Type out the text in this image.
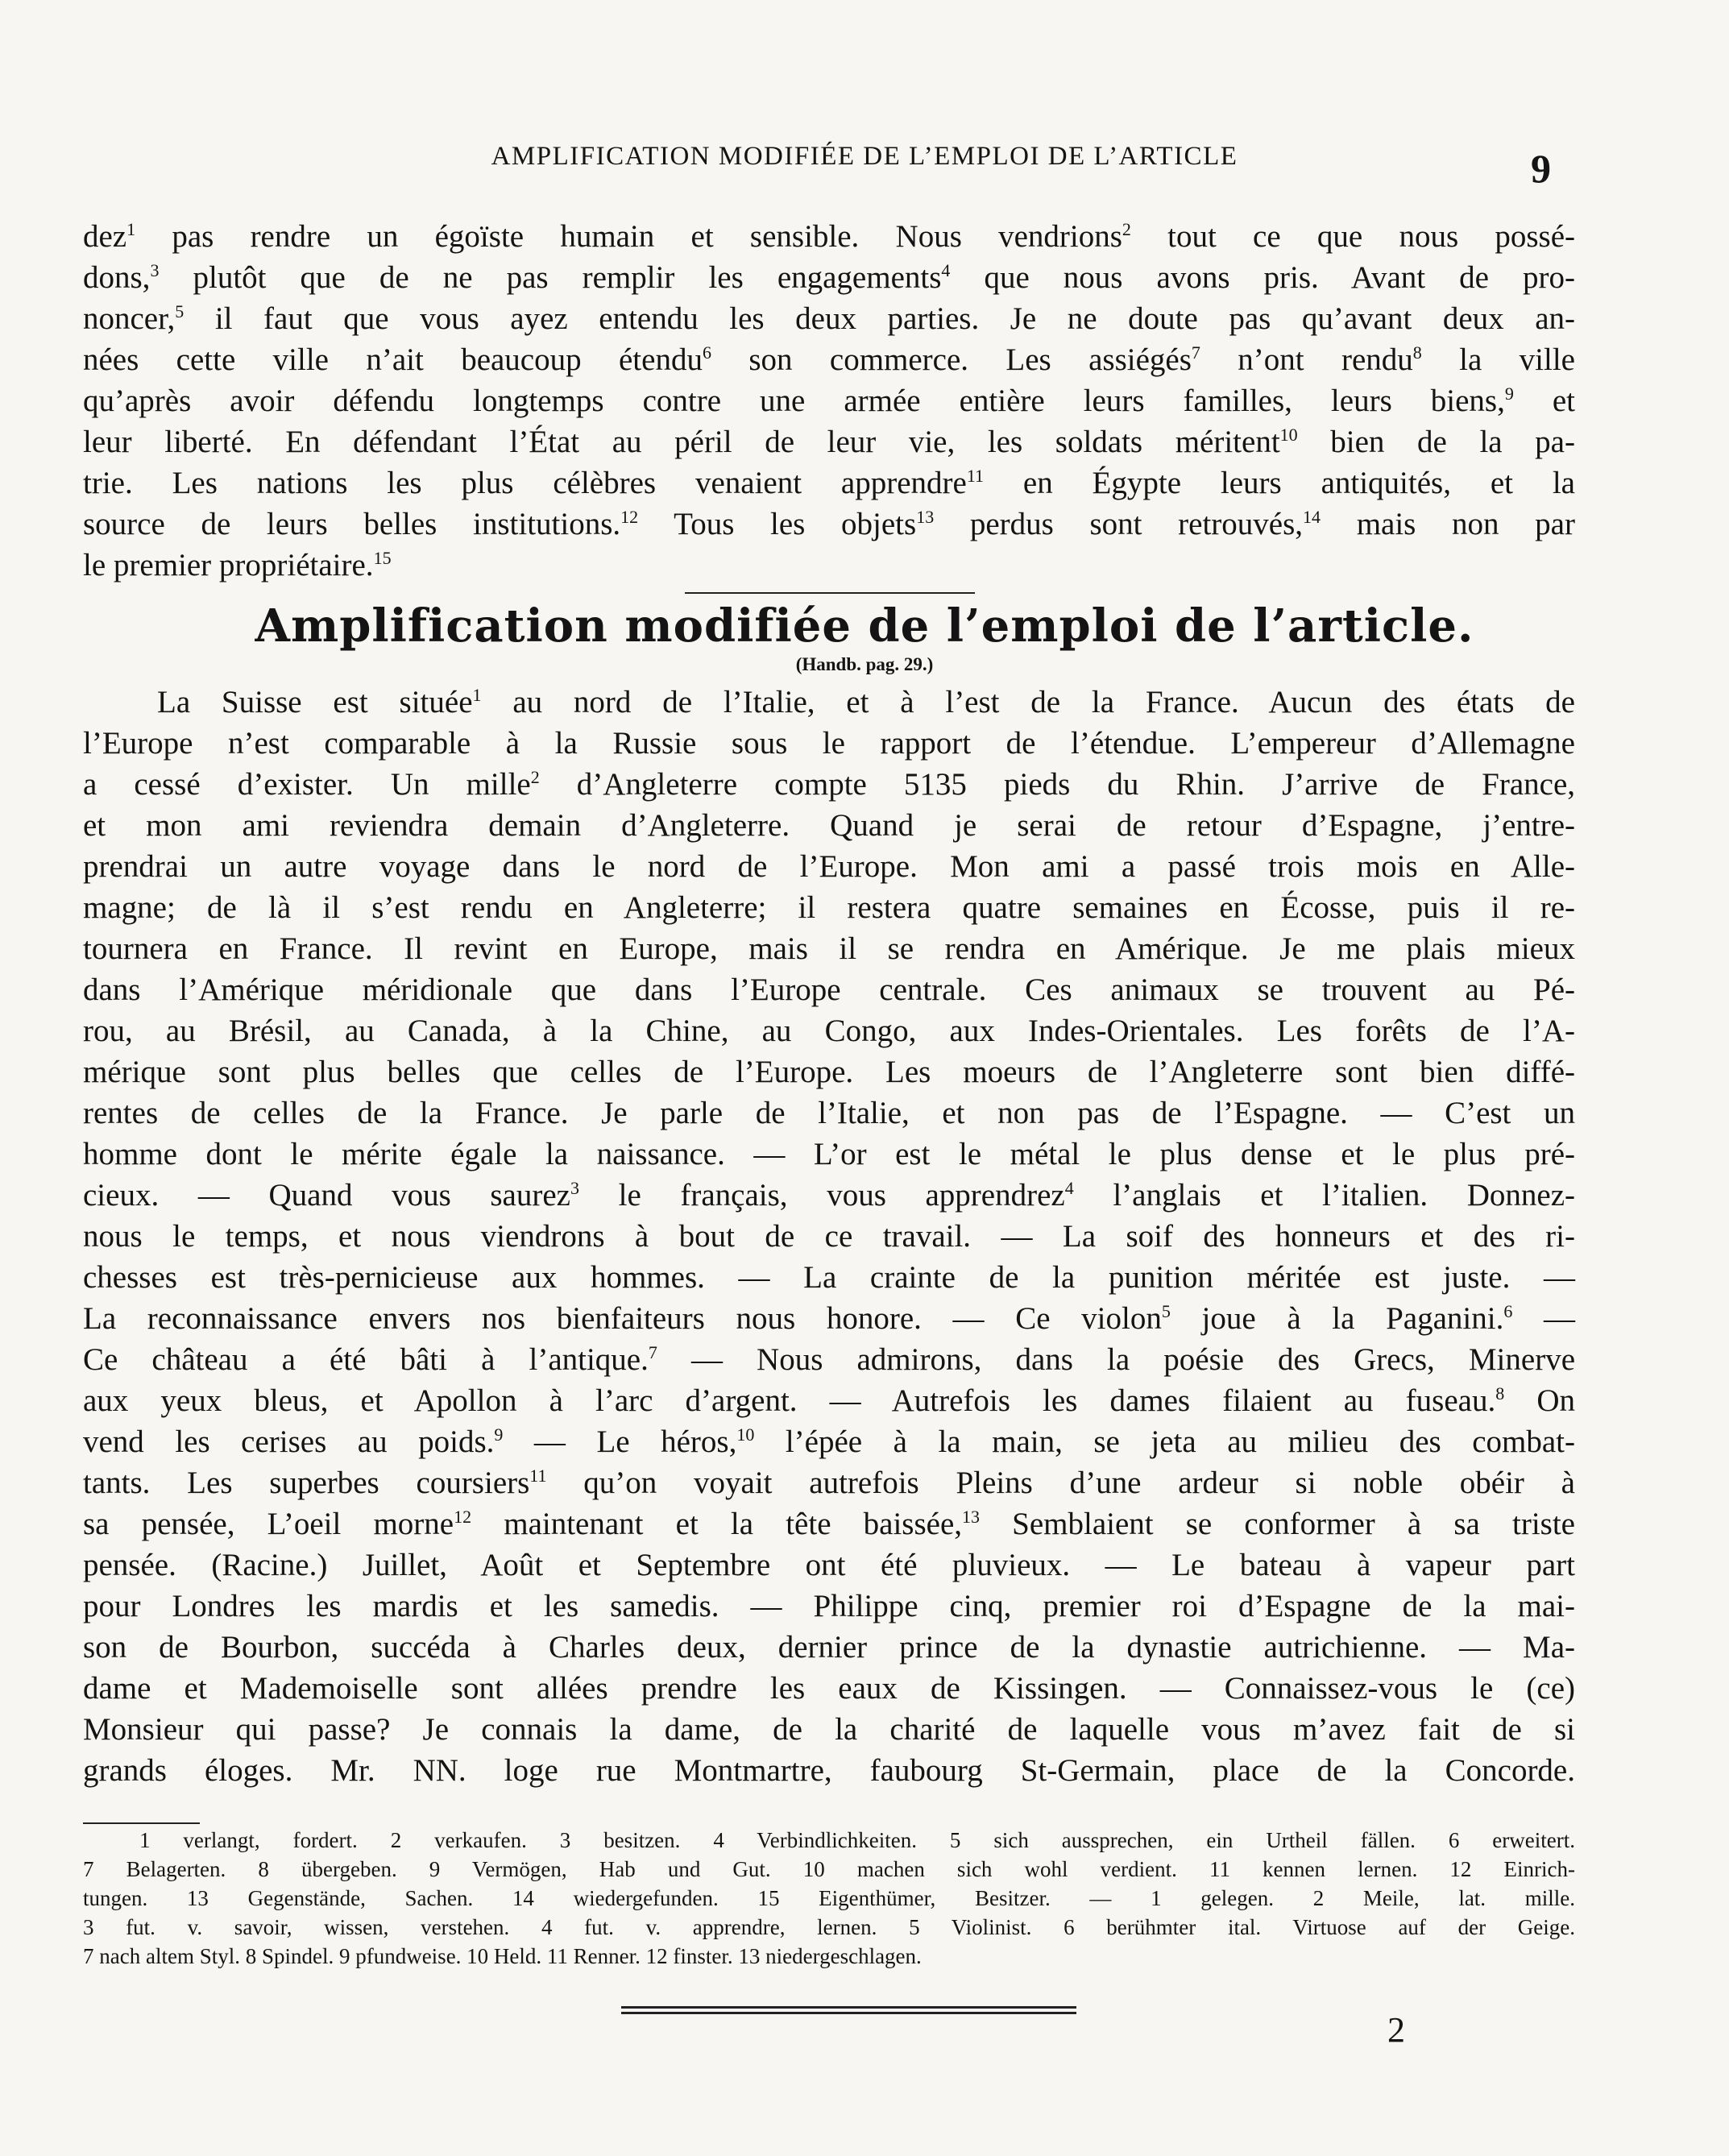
AMPLIFICATION MODIFIÉE DE L’EMPLOI DE L’ARTICLE	9
dez$^1$ pas rendre un égoïste humain et sensible. Nous vendrions$^2$ tout ce que nous possé-
dons,$^3$ plutôt que de ne pas remplir les engagements$^4$ que nous avons pris. Avant de pro-
noncer,$^5$ il faut que vous ayez entendu les deux parties. Je ne doute pas qu’avant deux an-
nées cette ville n’ait beaucoup étendu$^6$ son commerce. Les assiégés$^7$ n’ont rendu$^8$ la ville
qu’après avoir défendu longtemps contre une armée entière leurs familles, leurs biens,$^9$ et
leur liberté. En défendant l’État au péril de leur vie, les soldats méritent$^{10}$ bien de la pa-
trie. Les nations les plus célèbres venaient apprendre$^{11}$ en Égypte leurs antiquités, et la
source de leurs belles institutions.$^{12}$ Tous les objets$^{13}$ perdus sont retrouvés,$^{14}$ mais non par
le premier propriétaire.$^{15}$
Amplification modifiée de l’emploi de l’article.
(Handb. pag. 29.)
La Suisse est située$^1$ au nord de l’Italie, et à l’est de la France. Aucun des états de
l’Europe n’est comparable à la Russie sous le rapport de l’étendue. L’empereur d’Allemagne
a cessé d’exister. Un mille$^2$ d’Angleterre compte 5135 pieds du Rhin. J’arrive de France,
et mon ami reviendra demain d’Angleterre. Quand je serai de retour d’Espagne, j’entre-
prendrai un autre voyage dans le nord de l’Europe. Mon ami a passé trois mois en Alle-
magne; de là il s’est rendu en Angleterre; il restera quatre semaines en Écosse, puis il re-
tournera en France. Il revint en Europe, mais il se rendra en Amérique. Je me plais mieux
dans l’Amérique méridionale que dans l’Europe centrale. Ces animaux se trouvent au Pé-
rou, au Brésil, au Canada, à la Chine, au Congo, aux Indes-Orientales. Les forêts de l’A-
mérique sont plus belles que celles de l’Europe. Les moeurs de l’Angleterre sont bien diffé-
rentes de celles de la France. Je parle de l’Italie, et non pas de l’Espagne. — C’est un
homme dont le mérite égale la naissance. — L’or est le métal le plus dense et le plus pré-
cieux. — Quand vous saurez$^3$ le français, vous apprendrez$^4$ l’anglais et l’italien. Donnez-
nous le temps, et nous viendrons à bout de ce travail. — La soif des honneurs et des ri-
chesses est très-pernicieuse aux hommes. — La crainte de la punition méritée est juste. —
La reconnaissance envers nos bienfaiteurs nous honore. — Ce violon$^5$ joue à la Paganini.$^6$ —
Ce château a été bâti à l’antique.$^7$ — Nous admirons, dans la poésie des Grecs, Minerve
aux yeux bleus, et Apollon à l’arc d’argent. — Autrefois les dames filaient au fuseau.$^8$ On
vend les cerises au poids.$^9$ — Le héros,$^{10}$ l’épée à la main, se jeta au milieu des combat-
tants. Les superbes coursiers$^{11}$ qu’on voyait autrefois Pleins d’une ardeur si noble obéir à
sa pensée, L’oeil morne$^{12}$ maintenant et la tête baissée,$^{13}$ Semblaient se conformer à sa triste
pensée. (Racine.) Juillet, Août et Septembre ont été pluvieux. — Le bateau à vapeur part
pour Londres les mardis et les samedis. — Philippe cinq, premier roi d’Espagne de la mai-
son de Bourbon, succéda à Charles deux, dernier prince de la dynastie autrichienne. — Ma-
dame et Mademoiselle sont allées prendre les eaux de Kissingen. — Connaissez-vous le (ce)
Monsieur qui passe? Je connais la dame, de la charité de laquelle vous m’avez fait de si
grands éloges. Mr. NN. loge rue Montmartre, faubourg St-Germain, place de la Concorde.
1 verlangt, fordert. 2 verkaufen. 3 besitzen. 4 Verbindlichkeiten. 5 sich aussprechen, ein Urtheil fällen. 6 erweitert.
7 Belagerten. 8 übergeben. 9 Vermögen, Hab und Gut. 10 machen sich wohl verdient. 11 kennen lernen. 12 Einrich-
tungen. 13 Gegenstände, Sachen. 14 wiedergefunden. 15 Eigenthümer, Besitzer. — 1 gelegen. 2 Meile, lat. mille.
3 fut. v. savoir, wissen, verstehen. 4 fut. v. apprendre, lernen. 5 Violinist. 6 berühmter ital. Virtuose auf der Geige.
7 nach altem Styl. 8 Spindel. 9 pfundweise. 10 Held. 11 Renner. 12 finster. 13 niedergeschlagen.
2
